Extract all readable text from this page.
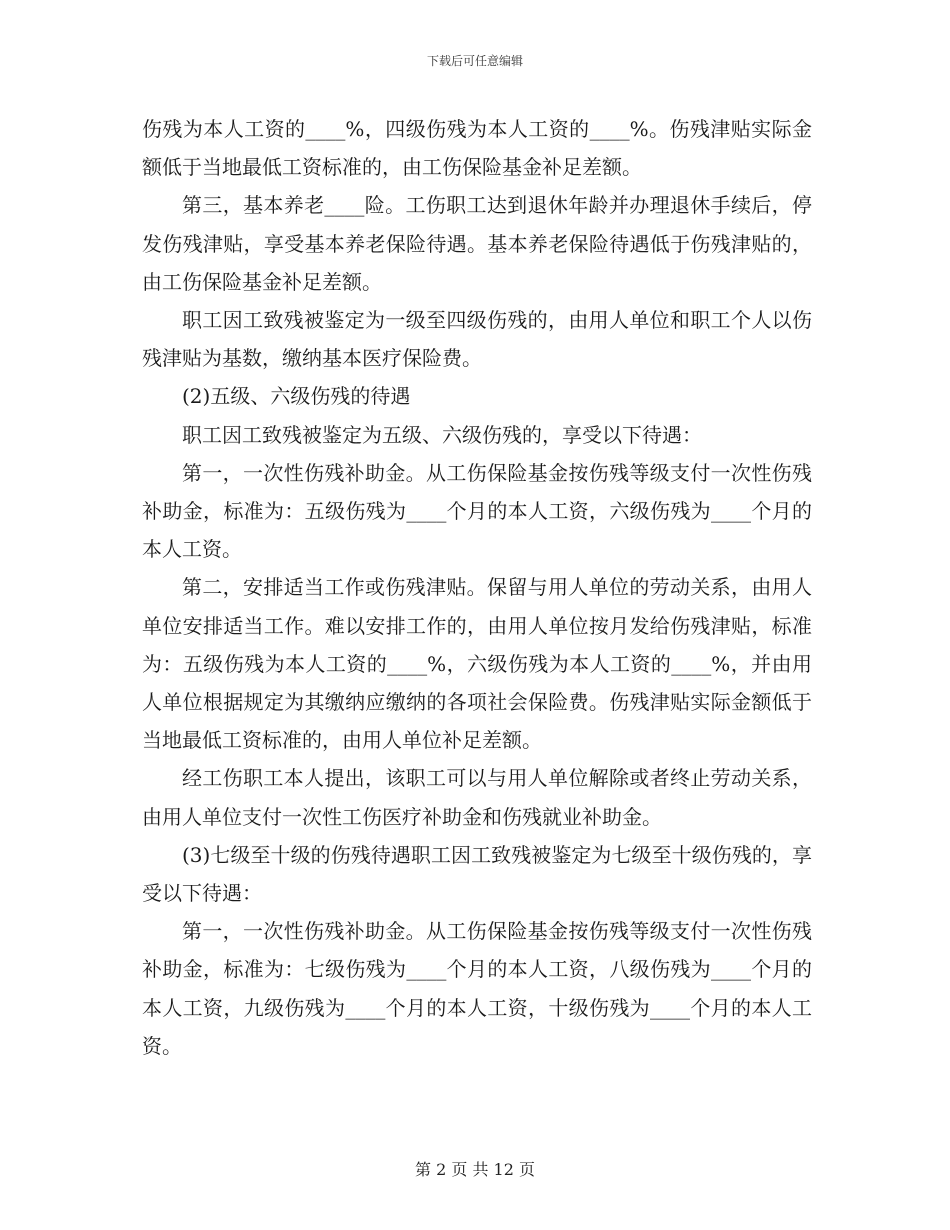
下载后可任意编辑

伤残为本人工资的____%，四级伤残为本人工资的____%。伤残津贴实际金额低于当地最低工资标准的，由工伤保险基金补足差额。

第三，基本养老____险。工伤职工达到退休年龄并办理退休手续后，停发伤残津贴，享受基本养老保险待遇。基本养老保险待遇低于伤残津贴的，由工伤保险基金补足差额。

职工因工致残被鉴定为一级至四级伤残的，由用人单位和职工个人以伤残津贴为基数，缴纳基本医疗保险费。

(2)五级、六级伤残的待遇

职工因工致残被鉴定为五级、六级伤残的，享受以下待遇：

第一，一次性伤残补助金。从工伤保险基金按伤残等级支付一次性伤残补助金，标准为：五级伤残为____个月的本人工资，六级伤残为____个月的本人工资。

第二，安排适当工作或伤残津贴。保留与用人单位的劳动关系，由用人单位安排适当工作。难以安排工作的，由用人单位按月发给伤残津贴，标准为：五级伤残为本人工资的____%，六级伤残为本人工资的____%，并由用人单位根据规定为其缴纳应缴纳的各项社会保险费。伤残津贴实际金额低于当地最低工资标准的，由用人单位补足差额。

经工伤职工本人提出，该职工可以与用人单位解除或者终止劳动关系，由用人单位支付一次性工伤医疗补助金和伤残就业补助金。

(3)七级至十级的伤残待遇职工因工致残被鉴定为七级至十级伤残的，享受以下待遇：

第一，一次性伤残补助金。从工伤保险基金按伤残等级支付一次性伤残补助金，标准为：七级伤残为____个月的本人工资，八级伤残为____个月的本人工资，九级伤残为____个月的本人工资，十级伤残为____个月的本人工资。

第 2 页 共 12 页
